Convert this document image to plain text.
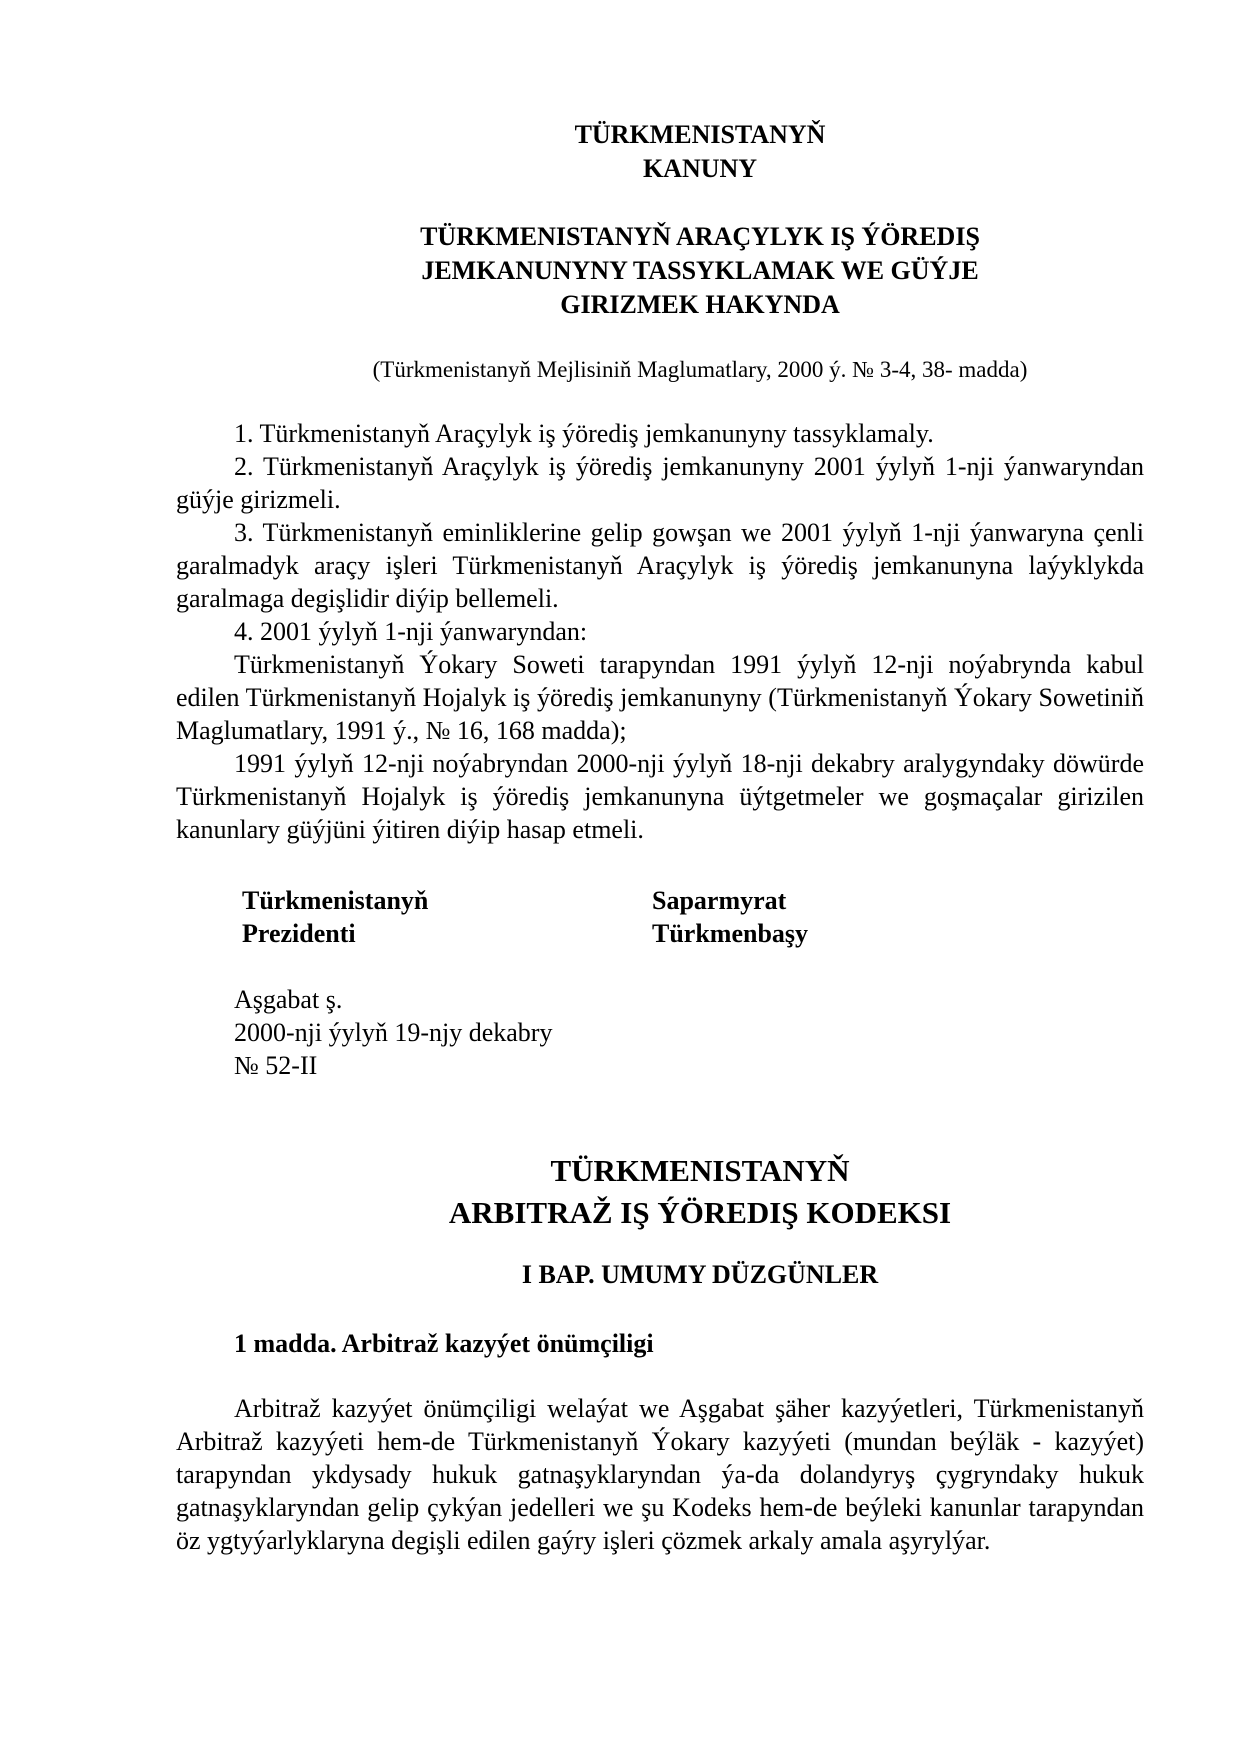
TÜRKMENISTANYŇ
KANUNY
TÜRKMENISTANYŇ ARAÇYLYK IŞ ÝÖREDIŞ
JEMKANUNYNY TASSYKLAMAK WE GÜÝJE
GIRIZMEK HAKYNDA
(Türkmenistanyň Mejlisiniň Maglumatlary, 2000 ý. № 3-4, 38- madda)

1. Türkmenistanyň Araçylyk iş ýörediş jemkanunyny tassyklamaly.

2. Türkmenistanyň Araçylyk iş ýörediş jemkanunyny 2001 ýylyň 1-nji ýanwaryndan güýje girizmeli.

3. Türkmenistanyň eminliklerine gelip gowşan we 2001 ýylyň 1-nji ýanwaryna çenli garalmadyk araçy işleri Türkmenistanyň Araçylyk iş ýörediş jemkanunyna laýyklykda garalmaga degişlidir diýip bellemeli.

4. 2001 ýylyň 1-nji ýanwaryndan:

Türkmenistanyň Ýokary Soweti tarapyndan 1991 ýylyň 12-nji noýabrynda kabul edilen Türkmenistanyň Hojalyk iş ýörediş jemkanunyny (Türkmenistanyň Ýokary Sowetiniň Maglumatlary, 1991 ý., № 16, 168 madda);

1991 ýylyň 12-nji noýabryndan 2000-nji ýylyň 18-nji dekabry aralygyndaky döwürde Türkmenistanyň Hojalyk iş ýörediş jemkanunyna üýtgetmeler we goşmaçalar girizilen kanunlary güýjüni ýitiren diýip hasap etmeli.

Türkmenistanyň
Prezidenti
Saparmyrat
Türkmenbaşy
Aşgabat ş.
2000-nji ýylyň 19-njy dekabry
№ 52-II
TÜRKMENISTANYŇ
ARBITRAŽ IŞ ÝÖREDIŞ KODEKSI
I BAP. UMUMY DÜZGÜNLER
1 madda. Arbitraž kazyýet önümçiligi

Arbitraž kazyýet önümçiligi welaýat we Aşgabat şäher kazyýetleri, Türkmenistanyň Arbitraž kazyýeti hem-de Türkmenistanyň Ýokary kazyýeti (mundan beýläk - kazyýet) tarapyndan ykdysady hukuk gatnaşyklaryndan ýa-da dolandyryş çygryndaky hukuk gatnaşyklaryndan gelip çykýan jedelleri we şu Kodeks hem-de beýleki kanunlar tarapyndan öz ygtyýarlyklaryna degişli edilen gaýry işleri çözmek arkaly amala aşyrylýar.
